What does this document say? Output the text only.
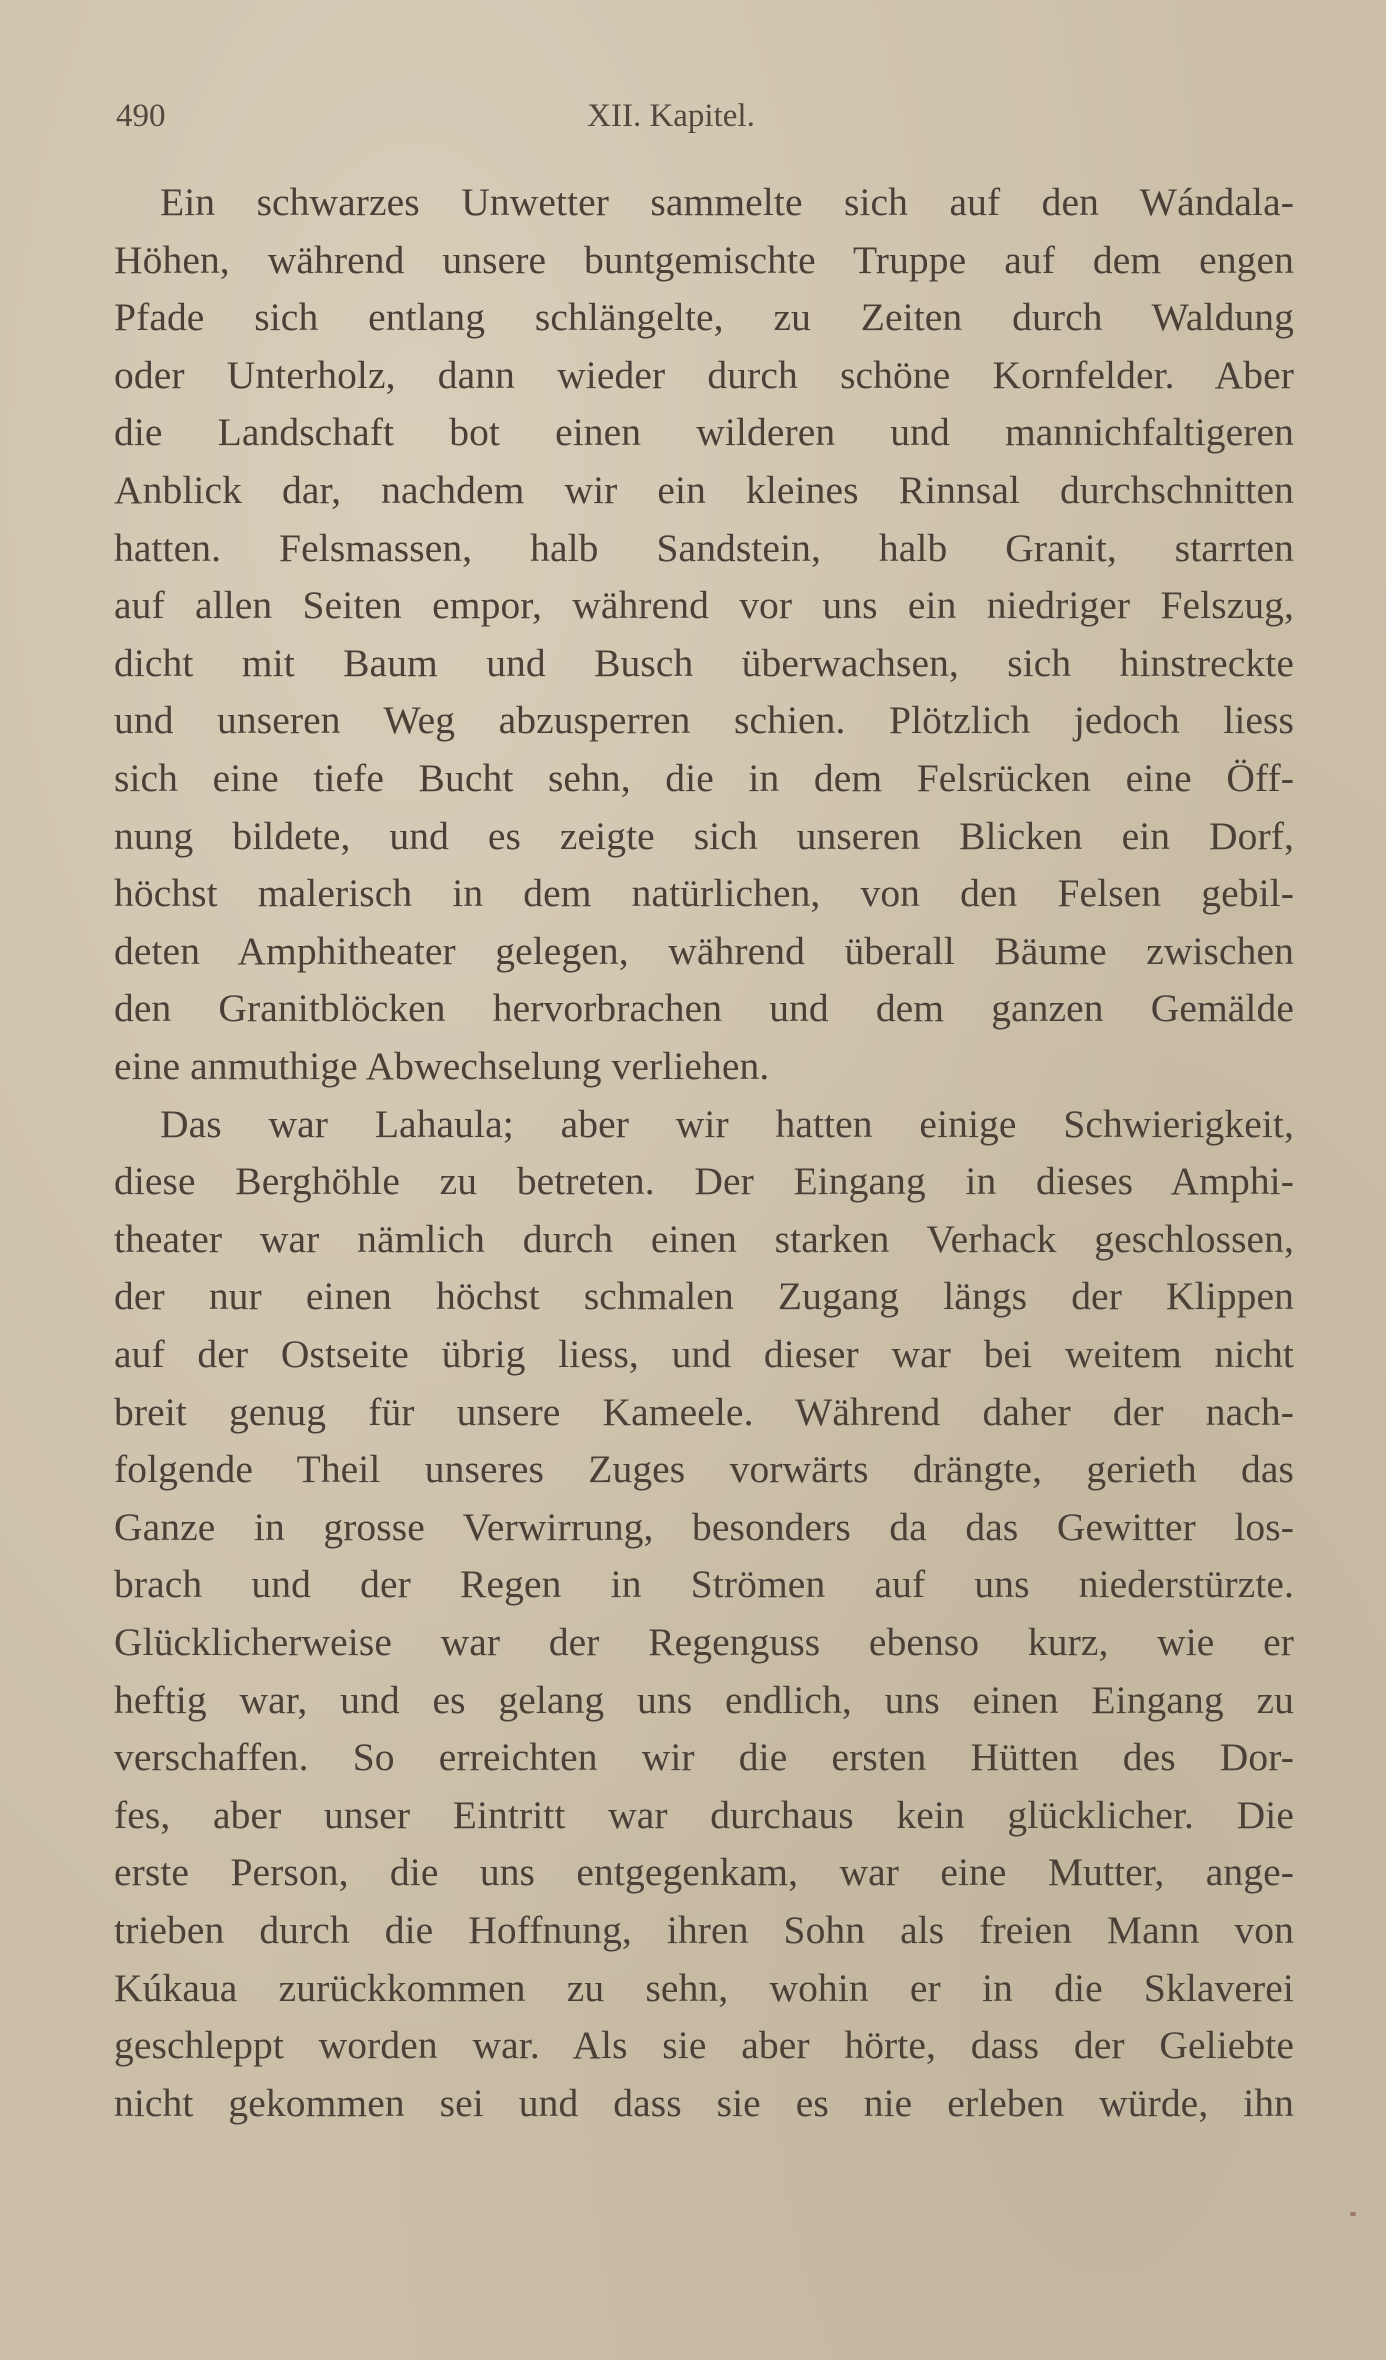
490	XII. Kapitel.
Ein schwarzes Unwetter sammelte sich auf den Wándala-
Höhen, während unsere buntgemischte Truppe auf dem engen
Pfade sich entlang schlängelte, zu Zeiten durch Waldung
oder Unterholz, dann wieder durch schöne Kornfelder. Aber
die Landschaft bot einen wilderen und mannichfaltigeren
Anblick dar, nachdem wir ein kleines Rinnsal durchschnitten
hatten. Felsmassen, halb Sandstein, halb Granit, starrten
auf allen Seiten empor, während vor uns ein niedriger Felszug,
dicht mit Baum und Busch überwachsen, sich hinstreckte
und unseren Weg abzusperren schien. Plötzlich jedoch liess
sich eine tiefe Bucht sehn, die in dem Felsrücken eine Öff-
nung bildete, und es zeigte sich unseren Blicken ein Dorf,
höchst malerisch in dem natürlichen, von den Felsen gebil-
deten Amphitheater gelegen, während überall Bäume zwischen
den Granitblöcken hervorbrachen und dem ganzen Gemälde
eine anmuthige Abwechselung verliehen.
Das war Lahaula; aber wir hatten einige Schwierigkeit,
diese Berghöhle zu betreten. Der Eingang in dieses Amphi-
theater war nämlich durch einen starken Verhack geschlossen,
der nur einen höchst schmalen Zugang längs der Klippen
auf der Ostseite übrig liess, und dieser war bei weitem nicht
breit genug für unsere Kameele. Während daher der nach-
folgende Theil unseres Zuges vorwärts drängte, gerieth das
Ganze in grosse Verwirrung, besonders da das Gewitter los-
brach und der Regen in Strömen auf uns niederstürzte.
Glücklicherweise war der Regenguss ebenso kurz, wie er
heftig war, und es gelang uns endlich, uns einen Eingang zu
verschaffen. So erreichten wir die ersten Hütten des Dor-
fes, aber unser Eintritt war durchaus kein glücklicher. Die
erste Person, die uns entgegenkam, war eine Mutter, ange-
trieben durch die Hoffnung, ihren Sohn als freien Mann von
Kúkaua zurückkommen zu sehn, wohin er in die Sklaverei
geschleppt worden war. Als sie aber hörte, dass der Geliebte
nicht gekommen sei und dass sie es nie erleben würde, ihn
